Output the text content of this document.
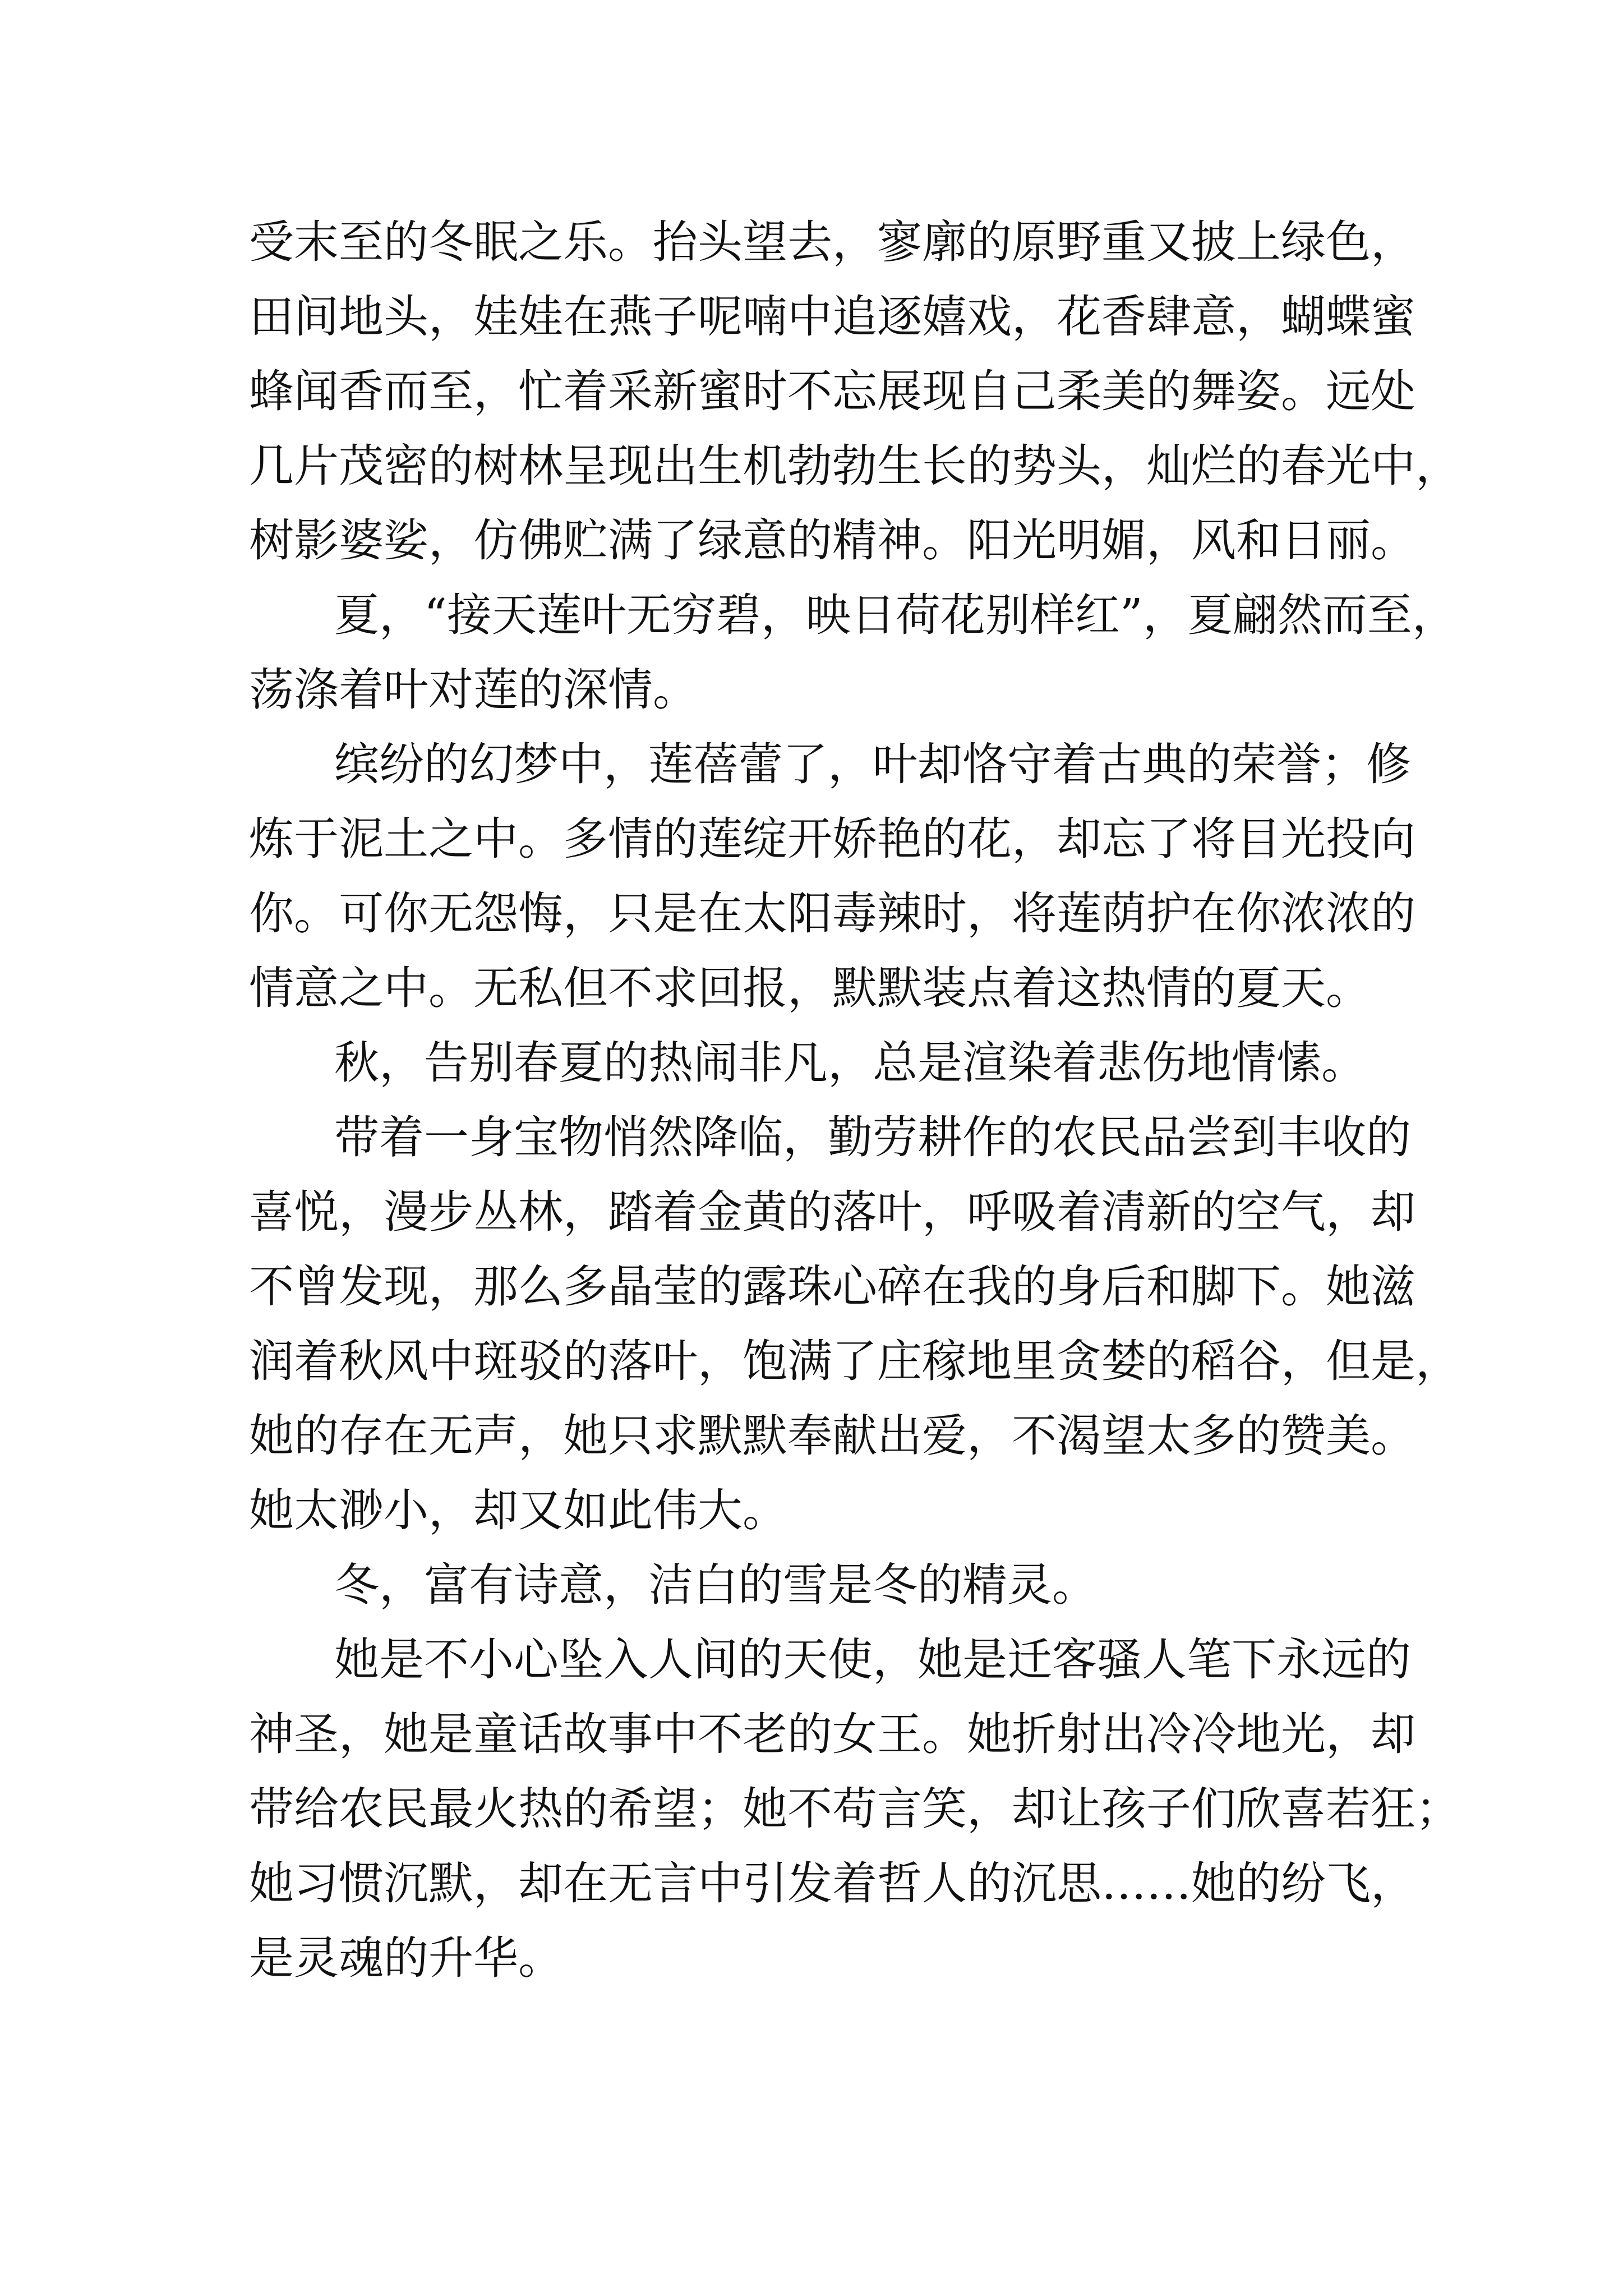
受末至的冬眠之乐。抬头望去，寥廓的原野重又披上绿色，
田间地头，娃娃在燕子呢喃中追逐嬉戏，花香肆意，蝴蝶蜜
蜂闻香而至，忙着采新蜜时不忘展现自己柔美的舞姿。远处
几片茂密的树林呈现出生机勃勃生长的势头，灿烂的春光中，
树影婆娑，仿佛贮满了绿意的精神。阳光明媚，风和日丽。
夏，“接天莲叶无穷碧，映日荷花别样红”，夏翩然而至，
荡涤着叶对莲的深情。
缤纷的幻梦中，莲蓓蕾了，叶却恪守着古典的荣誉；修
炼于泥土之中。多情的莲绽开娇艳的花，却忘了将目光投向
你。可你无怨悔，只是在太阳毒辣时，将莲荫护在你浓浓的
情意之中。无私但不求回报，默默装点着这热情的夏天。
秋，告别春夏的热闹非凡，总是渲染着悲伤地情愫。
带着一身宝物悄然降临，勤劳耕作的农民品尝到丰收的
喜悦，漫步丛林，踏着金黄的落叶，呼吸着清新的空气，却
不曾发现，那么多晶莹的露珠心碎在我的身后和脚下。她滋
润着秋风中斑驳的落叶，饱满了庄稼地里贪婪的稻谷，但是，
她的存在无声，她只求默默奉献出爱，不渴望太多的赞美。
她太渺小，却又如此伟大。
冬，富有诗意，洁白的雪是冬的精灵。
她是不小心坠入人间的天使，她是迁客骚人笔下永远的
神圣，她是童话故事中不老的女王。她折射出冷冷地光，却
带给农民最火热的希望；她不苟言笑，却让孩子们欣喜若狂；
她习惯沉默，却在无言中引发着哲人的沉思……她的纷飞，
是灵魂的升华。
